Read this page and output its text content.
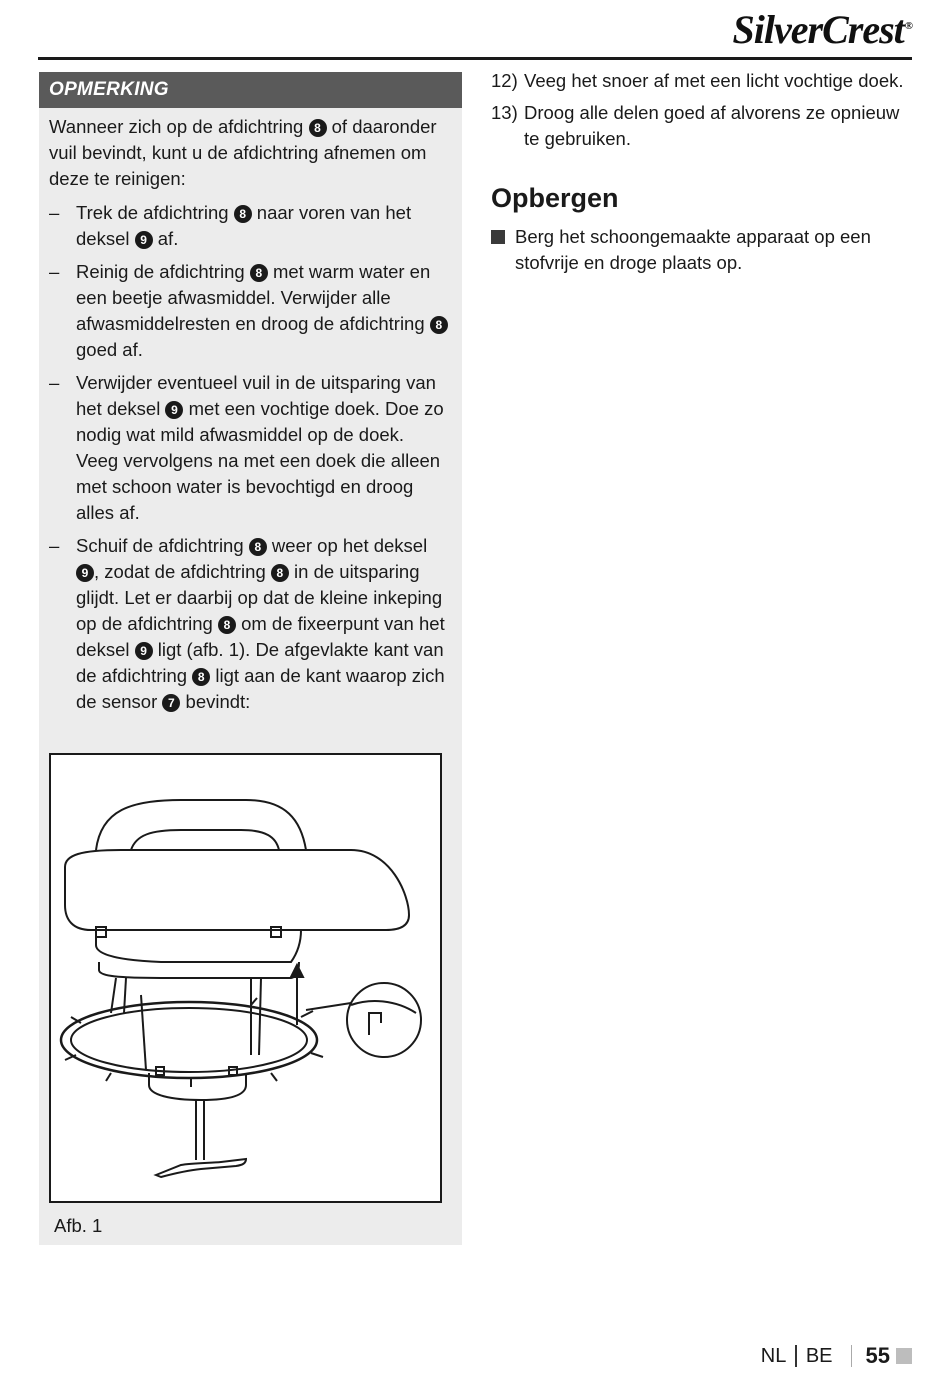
SilverCrest®
OPMERKING

Wanneer zich op de afdichtring 8 of daaronder vuil bevindt, kunt u de afdichtring afnemen om deze te reinigen:

– Trek de afdichtring 8 naar voren van het deksel 9 af.
– Reinig de afdichtring 8 met warm water en een beetje afwasmiddel. Verwijder alle afwasmiddelresten en droog de afdichtring 8 goed af.
– Verwijder eventueel vuil in de uitsparing van het deksel 9 met een vochtige doek. Doe zo nodig wat mild afwasmiddel op de doek. Veeg vervolgens na met een doek die alleen met schoon water is bevochtigd en droog alles af.
– Schuif de afdichtring 8 weer op het deksel 9 , zodat de afdichtring 8 in de uitsparing glijdt. Let er daarbij op dat de kleine inkeping op de afdichtring 8 om de fixeerpunt van het deksel 9 ligt (afb. 1). De afgevlakte kant van de afdichtring 8 ligt aan de kant waarop zich de sensor 7 bevindt:
Afb. 1
12) Veeg het snoer af met een licht vochtige doek.
13) Droog alle delen goed af alvorens ze opnieuw te gebruiken.
Opbergen
Berg het schoongemaakte apparaat op een stofvrije en droge plaats op.
NL BE 55
